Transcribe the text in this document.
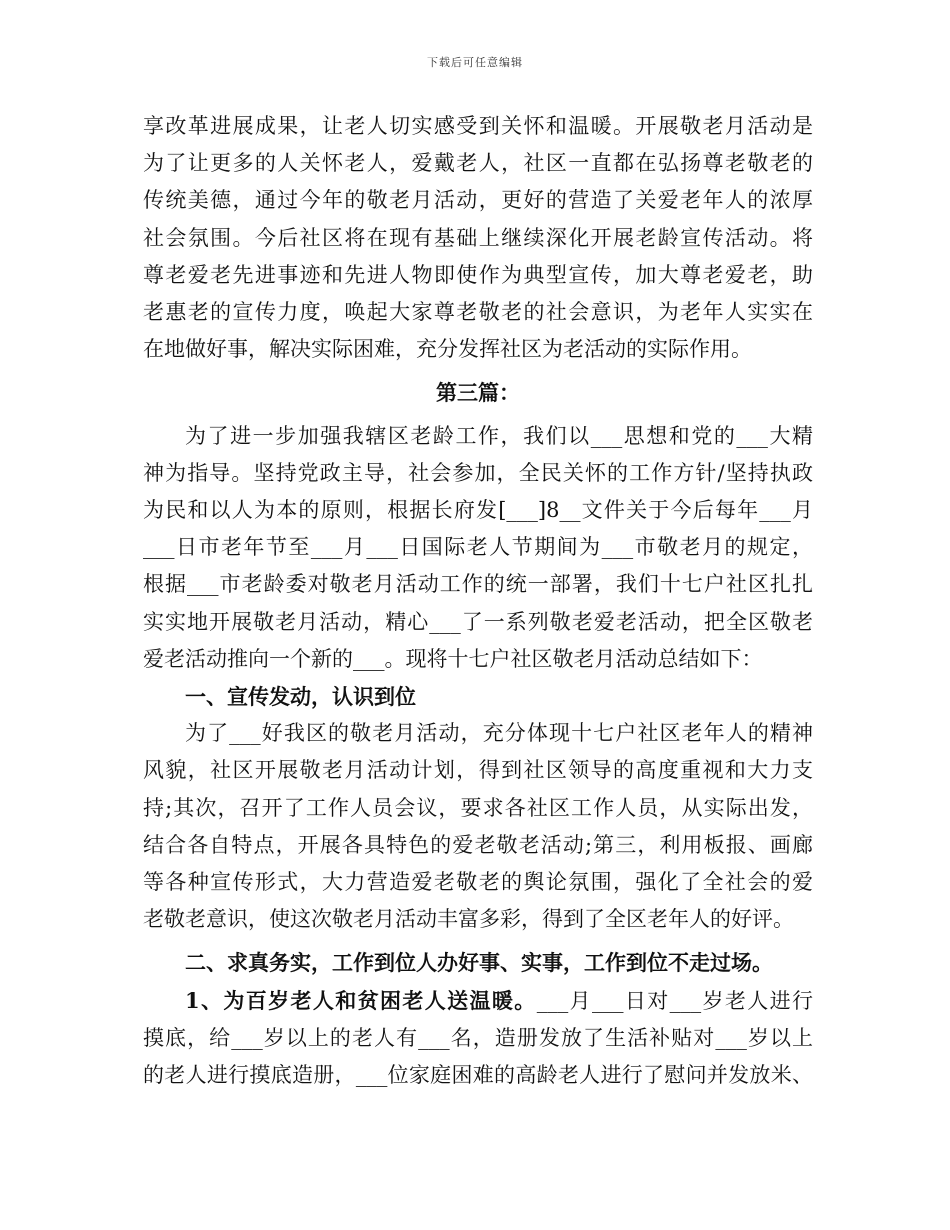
下载后可任意编辑

享改革进展成果，让老人切实感受到关怀和温暖。开展敬老月活动是

为了让更多的人关怀老人，爱戴老人，社区一直都在弘扬尊老敬老的

传统美德，通过今年的敬老月活动，更好的营造了关爱老年人的浓厚

社会氛围。今后社区将在现有基础上继续深化开展老龄宣传活动。将

尊老爱老先进事迹和先进人物即使作为典型宣传，加大尊老爱老，助

老惠老的宣传力度，唤起大家尊老敬老的社会意识，为老年人实实在

在地做好事，解决实际困难，充分发挥社区为老活动的实际作用。

第三篇：

为了进一步加强我辖区老龄工作，我们以___思想和党的___大精

神为指导。坚持党政主导，社会参加，全民关怀的工作方针/坚持执政

为民和以人为本的原则，根据长府发[___]8__文件关于今后每年___月

___日市老年节至___月___日国际老人节期间为___市敬老月的规定，

根据___市老龄委对敬老月活动工作的统一部署，我们十七户社区扎扎

实实地开展敬老月活动，精心___了一系列敬老爱老活动，把全区敬老

爱老活动推向一个新的___。现将十七户社区敬老月活动总结如下：

一、宣传发动，认识到位

为了___好我区的敬老月活动，充分体现十七户社区老年人的精神

风貌，社区开展敬老月活动计划，得到社区领导的高度重视和大力支

持;其次，召开了工作人员会议，要求各社区工作人员，从实际出发，

结合各自特点，开展各具特色的爱老敬老活动;第三，利用板报、画廊

等各种宣传形式，大力营造爱老敬老的舆论氛围，强化了全社会的爱

老敬老意识，使这次敬老月活动丰富多彩，得到了全区老年人的好评。

二、求真务实，工作到位人办好事、实事，工作到位不走过场。

1、为百岁老人和贫困老人送温暖。___月___日对___岁老人进行

摸底，给___岁以上的老人有___名，造册发放了生活补贴对___岁以上

的老人进行摸底造册，___位家庭困难的高龄老人进行了慰问并发放米、
